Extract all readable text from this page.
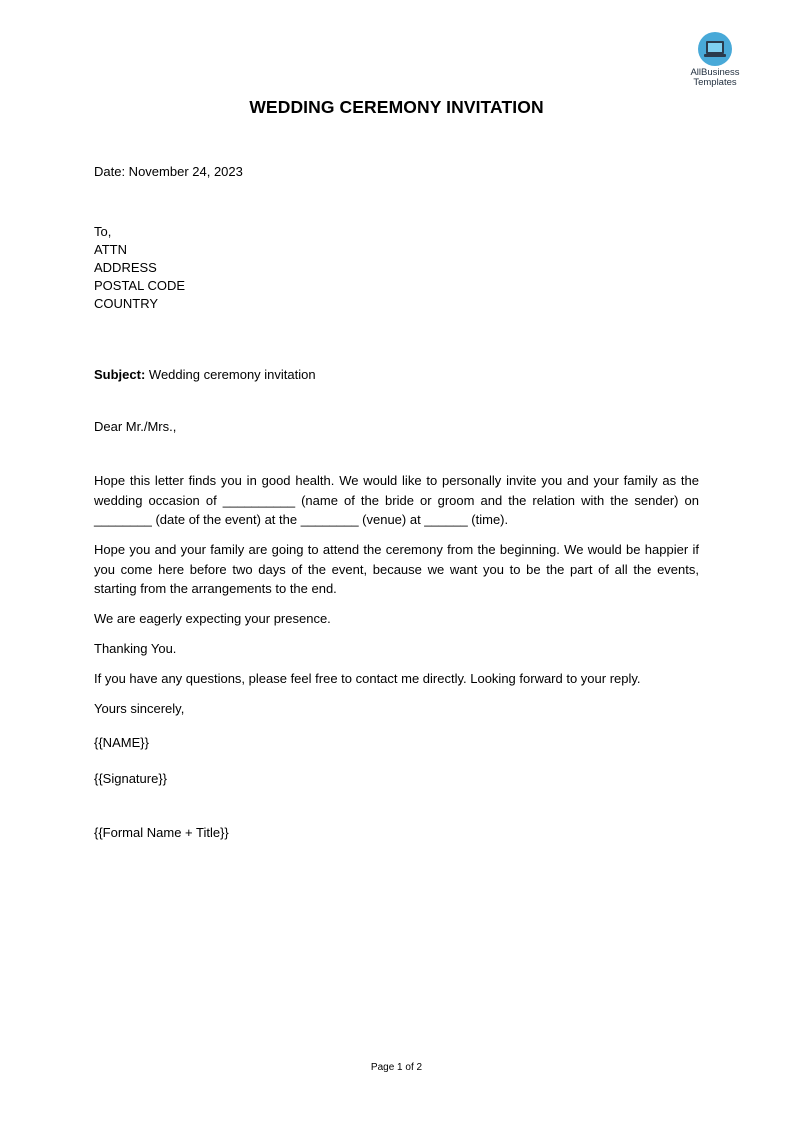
AllBusiness
Templates
WEDDING CEREMONY INVITATION
Date: November 24, 2023
To,
ATTN
ADDRESS
POSTAL CODE
COUNTRY
Subject: Wedding ceremony invitation
Dear Mr./Mrs.,
Hope this letter finds you in good health. We would like to personally invite you and your family as the wedding occasion of __________ (name of the bride or groom and the relation with the sender) on ________ (date of the event) at the ________ (venue) at ______ (time).
Hope you and your family are going to attend the ceremony from the beginning. We would be happier if you come here before two days of the event, because we want you to be the part of all the events, starting from the arrangements to the end.
We are eagerly expecting your presence.
Thanking You.
If you have any questions, please feel free to contact me directly. Looking forward to your reply.
Yours sincerely,
{{NAME}}
{{Signature}}
{{Formal Name + Title}}
Page 1 of 2
